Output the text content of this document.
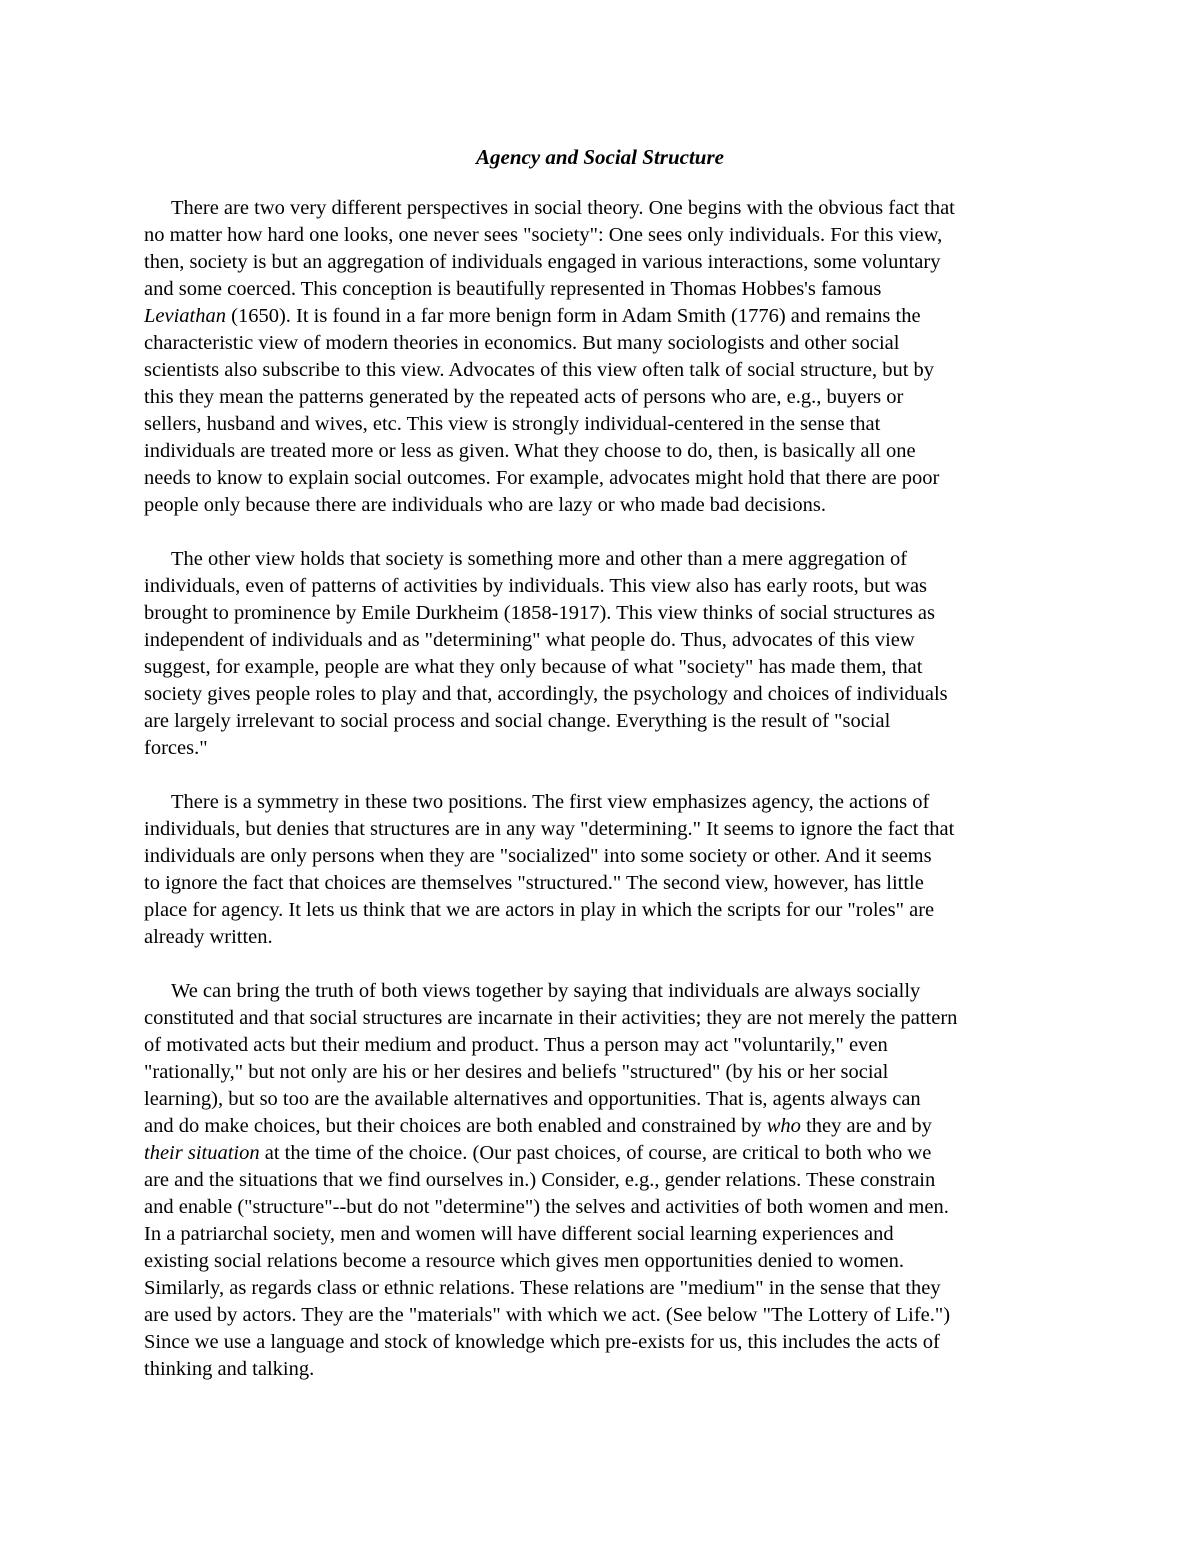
Agency and Social Structure
There are two very different perspectives in social theory. One begins with the obvious fact that
no matter how hard one looks, one never sees "society": One sees only individuals. For this view,
then, society is but an aggregation of individuals engaged in various interactions, some voluntary
and some coerced. This conception is beautifully represented in Thomas Hobbes's famous
Leviathan (1650). It is found in a far more benign form in Adam Smith (1776) and remains the
characteristic view of modern theories in economics. But many sociologists and other social
scientists also subscribe to this view. Advocates of this view often talk of social structure, but by
this they mean the patterns generated by the repeated acts of persons who are, e.g., buyers or
sellers, husband and wives, etc. This view is strongly individual-centered in the sense that
individuals are treated more or less as given. What they choose to do, then, is basically all one
needs to know to explain social outcomes. For example, advocates might hold that there are poor
people only because there are individuals who are lazy or who made bad decisions.
The other view holds that society is something more and other than a mere aggregation of
individuals, even of patterns of activities by individuals. This view also has early roots, but was
brought to prominence by Emile Durkheim (1858-1917). This view thinks of social structures as
independent of individuals and as "determining" what people do. Thus, advocates of this view
suggest, for example, people are what they only because of what "society" has made them, that
society gives people roles to play and that, accordingly, the psychology and choices of individuals
are largely irrelevant to social process and social change. Everything is the result of "social
forces."
There is a symmetry in these two positions. The first view emphasizes agency, the actions of
individuals, but denies that structures are in any way "determining." It seems to ignore the fact that
individuals are only persons when they are "socialized" into some society or other. And it seems
to ignore the fact that choices are themselves "structured." The second view, however, has little
place for agency. It lets us think that we are actors in play in which the scripts for our "roles" are
already written.
We can bring the truth of both views together by saying that individuals are always socially
constituted and that social structures are incarnate in their activities; they are not merely the pattern
of motivated acts but their medium and product. Thus a person may act "voluntarily," even
"rationally," but not only are his or her desires and beliefs "structured" (by his or her social
learning), but so too are the available alternatives and opportunities. That is, agents always can
and do make choices, but their choices are both enabled and constrained by who they are and by
their situation at the time of the choice. (Our past choices, of course, are critical to both who we
are and the situations that we find ourselves in.) Consider, e.g., gender relations. These constrain
and enable ("structure"--but do not "determine") the selves and activities of both women and men.
In a patriarchal society, men and women will have different social learning experiences and
existing social relations become a resource which gives men opportunities denied to women.
Similarly, as regards class or ethnic relations. These relations are "medium" in the sense that they
are used by actors. They are the "materials" with which we act. (See below "The Lottery of Life.")
Since we use a language and stock of knowledge which pre-exists for us, this includes the acts of
thinking and talking.
